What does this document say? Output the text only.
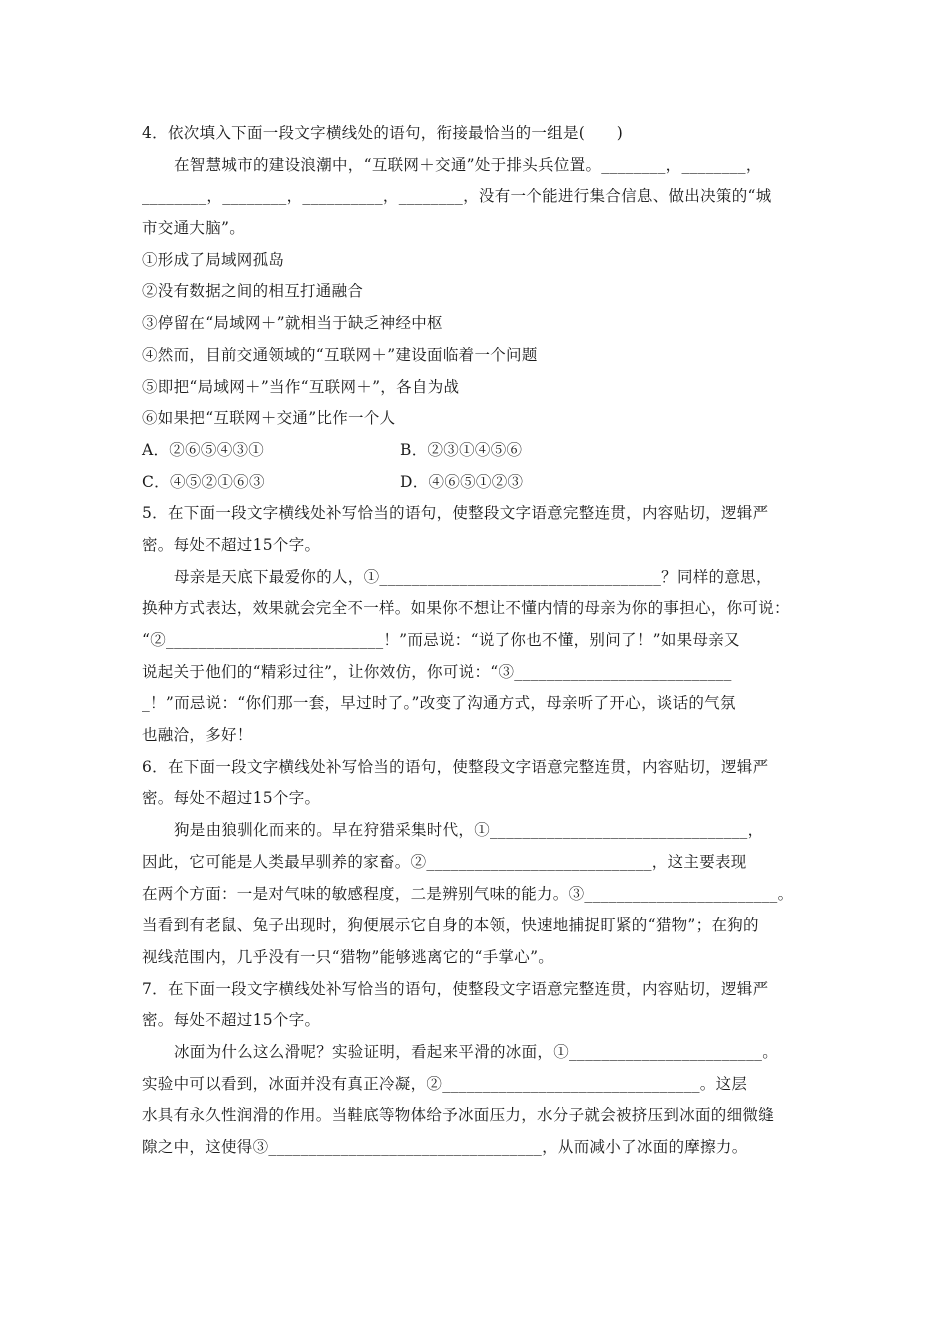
4．依次填入下面一段文字横线处的语句，衔接最恰当的一组是(　　)
在智慧城市的建设浪潮中，“互联网＋交通”处于排头兵位置。________，________，
________，________，__________，________，没有一个能进行集合信息、做出决策的“城
市交通大脑”。
①形成了局域网孤岛
②没有数据之间的相互打通融合
③停留在“局域网＋”就相当于缺乏神经中枢
④然而，目前交通领域的“互联网＋”建设面临着一个问题
⑤即把“局域网＋”当作“互联网＋”，各自为战
⑥如果把“互联网＋交通”比作一个人
A．②⑥⑤④③①	B．②③①④⑤⑥
C．④⑤②①⑥③	D．④⑥⑤①②③
5．在下面一段文字横线处补写恰当的语句，使整段文字语意完整连贯，内容贴切，逻辑严
密。每处不超过15个字。
母亲是天底下最爱你的人，①___________________________________？同样的意思，
换种方式表达，效果就会完全不一样。如果你不想让不懂内情的母亲为你的事担心，你可说：
“②___________________________！”而忌说：“说了你也不懂，别问了！”如果母亲又
说起关于他们的“精彩过往”，让你效仿，你可说：“③___________________________
_！”而忌说：“你们那一套，早过时了。”改变了沟通方式，母亲听了开心，谈话的气氛
也融洽，多好！
6．在下面一段文字横线处补写恰当的语句，使整段文字语意完整连贯，内容贴切，逻辑严
密。每处不超过15个字。
狗是由狼驯化而来的。早在狩猎采集时代，①________________________________，
因此，它可能是人类最早驯养的家畜。②____________________________，这主要表现
在两个方面：一是对气味的敏感程度，二是辨别气味的能力。③________________________。
当看到有老鼠、兔子出现时，狗便展示它自身的本领，快速地捕捉盯紧的“猎物”；在狗的
视线范围内，几乎没有一只“猎物”能够逃离它的“手掌心”。
7．在下面一段文字横线处补写恰当的语句，使整段文字语意完整连贯，内容贴切，逻辑严
密。每处不超过15个字。
冰面为什么这么滑呢？实验证明，看起来平滑的冰面，①________________________。
实验中可以看到，冰面并没有真正冷凝，②________________________________。这层
水具有永久性润滑的作用。当鞋底等物体给予冰面压力，水分子就会被挤压到冰面的细微缝
隙之中，这使得③__________________________________，从而减小了冰面的摩擦力。
